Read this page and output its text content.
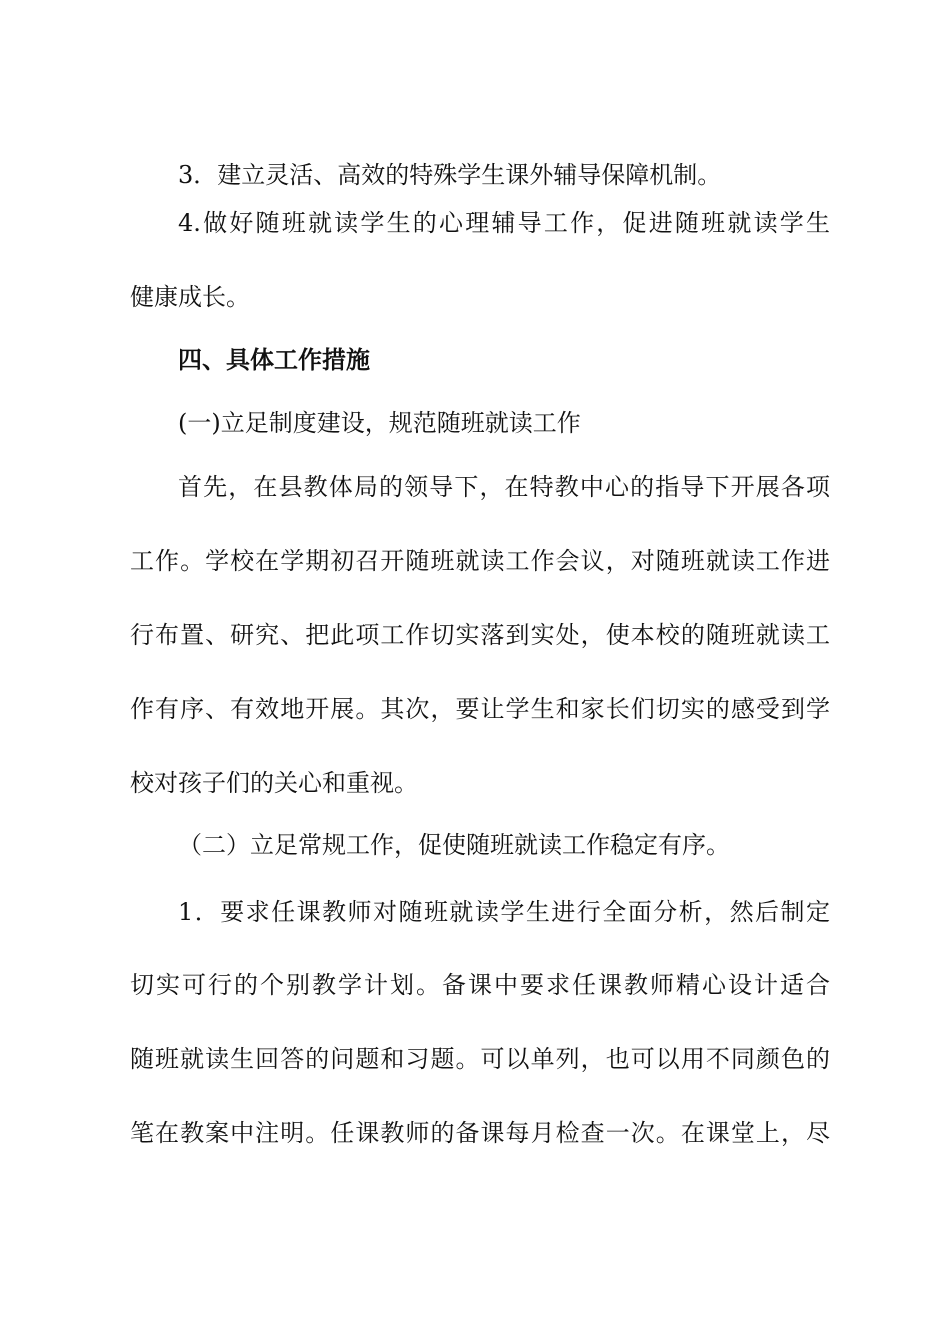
3．建立灵活、高效的特殊学生课外辅导保障机制。
4.做好随班就读学生的心理辅导工作，促进随班就读学生
健康成长。
四、具体工作措施
(一)立足制度建设，规范随班就读工作
首先，在县教体局的领导下，在特教中心的指导下开展各项
工作。学校在学期初召开随班就读工作会议，对随班就读工作进
行布置、研究、把此项工作切实落到实处，使本校的随班就读工
作有序、有效地开展。其次，要让学生和家长们切实的感受到学
校对孩子们的关心和重视。
（二）立足常规工作，促使随班就读工作稳定有序。
1．要求任课教师对随班就读学生进行全面分析，然后制定
切实可行的个别教学计划。备课中要求任课教师精心设计适合
随班就读生回答的问题和习题。可以单列，也可以用不同颜色的
笔在教案中注明。任课教师的备课每月检查一次。在课堂上，尽
